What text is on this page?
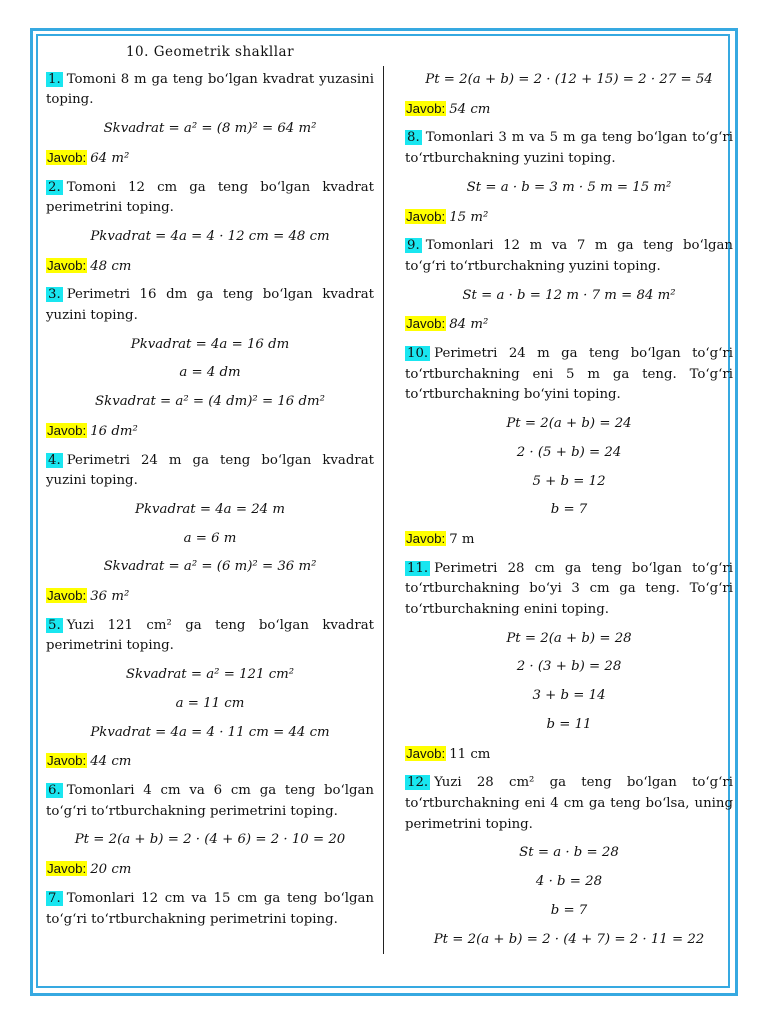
10. Geometrik shakllar
1. Tomoni 8 m ga teng bo‘lgan kvadrat yuzasini toping.
Skvadrat = a² = (8 m)² = 64 m²
Javob: 64 m²
2. Tomoni 12 cm ga teng bo‘lgan kvadrat perimetrini toping.
Pkvadrat = 4a = 4 · 12 cm = 48 cm
Javob: 48 cm
3. Perimetri 16 dm ga teng bo‘lgan kvadrat yuzini toping.
Pkvadrat = 4a = 16 dm
a = 4 dm
Skvadrat = a² = (4 dm)² = 16 dm²
Javob: 16 dm²
4. Perimetri 24 m ga teng bo‘lgan kvadrat yuzini toping.
Pkvadrat = 4a = 24 m
a = 6 m
Skvadrat = a² = (6 m)² = 36 m²
Javob: 36 m²
5. Yuzi 121 cm² ga teng bo‘lgan kvadrat perimetrini toping.
Skvadrat = a² = 121 cm²
a = 11 cm
Pkvadrat = 4a = 4 · 11 cm = 44 cm
Javob: 44 cm
6. Tomonlari 4 cm va 6 cm ga teng bo‘lgan to‘g‘ri to‘rtburchakning perimetrini toping.
Pt = 2(a + b) = 2 · (4 + 6) = 2 · 10 = 20
Javob: 20 cm
7. Tomonlari 12 cm va 15 cm ga teng bo‘lgan to‘g‘ri to‘rtburchakning perimetrini toping.
Pt = 2(a + b) = 2 · (12 + 15) = 2 · 27 = 54
Javob: 54 cm
8. Tomonlari 3 m va 5 m ga teng bo‘lgan to‘g‘ri to‘rtburchakning yuzini toping.
St = a · b = 3 m · 5 m = 15 m²
Javob: 15 m²
9. Tomonlari 12 m va 7 m ga teng bo‘lgan to‘g‘ri to‘rtburchakning yuzini toping.
St = a · b = 12 m · 7 m = 84 m²
Javob: 84 m²
10. Perimetri 24 m ga teng bo‘lgan to‘g‘ri to‘rtburchakning eni 5 m ga teng. To‘g‘ri to‘rtburchakning bo‘yini toping.
Pt = 2(a + b) = 24
2 · (5 + b) = 24
5 + b = 12
b = 7
Javob: 7 m
11. Perimetri 28 cm ga teng bo‘lgan to‘g‘ri to‘rtburchakning bo‘yi 3 cm ga teng. To‘g‘ri to‘rtburchakning enini toping.
Pt = 2(a + b) = 28
2 · (3 + b) = 28
3 + b = 14
b = 11
Javob: 11 cm
12. Yuzi 28 cm² ga teng bo‘lgan to‘g‘ri to‘rtburchakning eni 4 cm ga teng bo‘lsa, uning perimetrini toping.
St = a · b = 28
4 · b = 28
b = 7
Pt = 2(a + b) = 2 · (4 + 7) = 2 · 11 = 22
